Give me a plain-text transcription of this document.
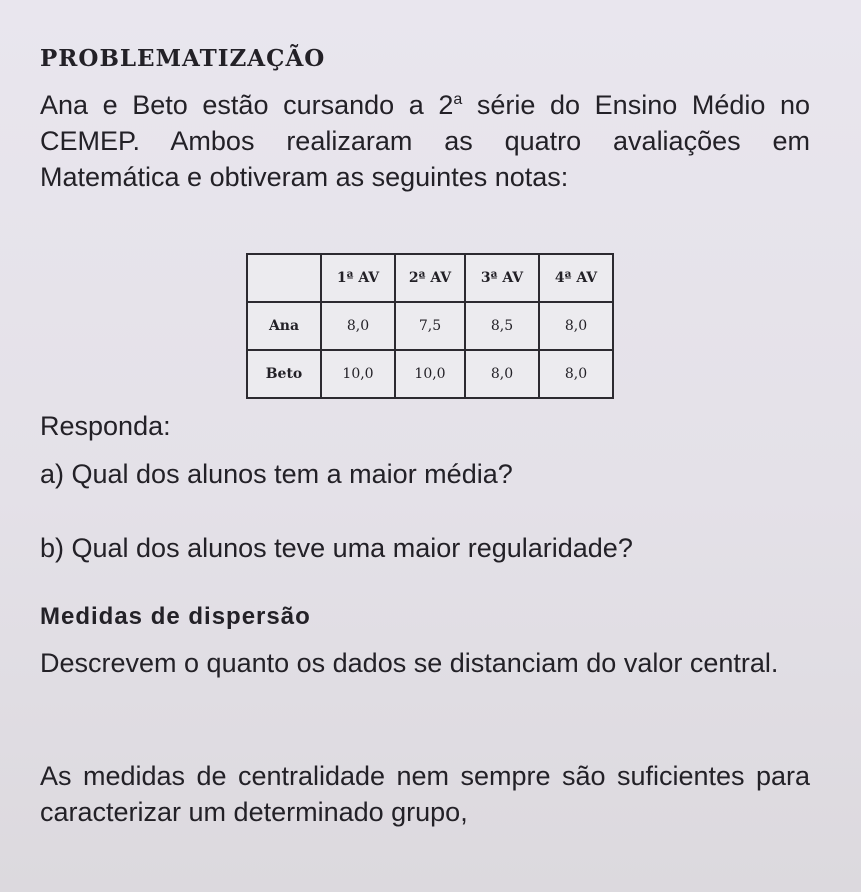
PROBLEMATIZAÇÃO
Ana e Beto estão cursando a 2$^a$ série do Ensino Médio no CEMEP. Ambos realizaram as quatro avaliações em Matemática e obtiveram as seguintes notas:
	1ª AV	2ª AV	3ª AV	4ª AV
Ana	8,0	7,5	8,5	8,0
Beto	10,0	10,0	8,0	8,0
Responda:
a) Qual dos alunos tem a maior média?
b) Qual dos alunos teve uma maior regularidade?
Medidas de dispersão
Descrevem o quanto os dados se distanciam do valor central.
As medidas de centralidade nem sempre são suficientes para caracterizar um determinado grupo,
